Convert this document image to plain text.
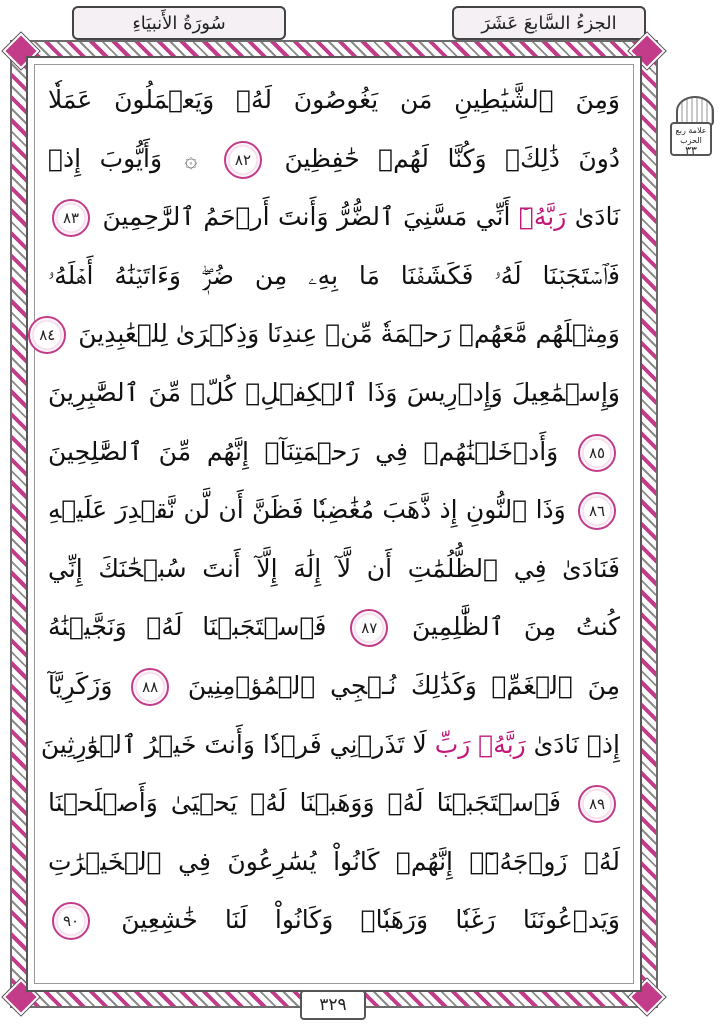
سُورَةُ الأَنبيَاءِ	الجزءُ السَّابعَ عَشَرَ
وَمِنَ ٱلشَّيَٰطِينِ مَن يَغُوصُونَ لَهُۥ وَيَعۡمَلُونَ عَمَلٗا
دُونَ ذَٰلِكَۖ وَكُنَّا لَهُمۡ حَٰفِظِينَ ٨٢ ۞ وَأَيُّوبَ إِذۡ
نَادَىٰ رَبَّهُۥٓ أَنِّي مَسَّنِيَ ٱلضُّرُّ وَأَنتَ أَرۡحَمُ ٱلرَّٰحِمِينَ ٨٣
فَٱسۡتَجَبۡنَا لَهُۥ فَكَشَفۡنَا مَا بِهِۦ مِن ضُرّٖۖ وَءَاتَيۡنَٰهُ أَهۡلَهُۥ
وَمِثۡلَهُم مَّعَهُمۡ رَحۡمَةٗ مِّنۡ عِندِنَا وَذِكۡرَىٰ لِلۡعَٰبِدِينَ ٨٤
وَإِسۡمَٰعِيلَ وَإِدۡرِيسَ وَذَا ٱلۡكِفۡلِۖ كُلّٞ مِّنَ ٱلصَّٰبِرِينَ
٨٥ وَأَدۡخَلۡنَٰهُمۡ فِي رَحۡمَتِنَآۖ إِنَّهُم مِّنَ ٱلصَّٰلِحِينَ
٨٦ وَذَا ٱلنُّونِ إِذ ذَّهَبَ مُغَٰضِبٗا فَظَنَّ أَن لَّن نَّقۡدِرَ عَلَيۡهِ
فَنَادَىٰ فِي ٱلظُّلُمَٰتِ أَن لَّآ إِلَٰهَ إِلَّآ أَنتَ سُبۡحَٰنَكَ إِنِّي
كُنتُ مِنَ ٱلظَّٰلِمِينَ ٨٧ فَٱسۡتَجَبۡنَا لَهُۥ وَنَجَّيۡنَٰهُ
مِنَ ٱلۡغَمِّۚ وَكَذَٰلِكَ نُـۨجِي ٱلۡمُؤۡمِنِينَ ٨٨ وَزَكَرِيَّآ
إِذۡ نَادَىٰ رَبَّهُۥ رَبِّ لَا تَذَرۡنِي فَرۡدٗا وَأَنتَ خَيۡرُ ٱلۡوَٰرِثِينَ
٨٩ فَٱسۡتَجَبۡنَا لَهُۥ وَوَهَبۡنَا لَهُۥ يَحۡيَىٰ وَأَصۡلَحۡنَا
لَهُۥ زَوۡجَهُۥٓۚ إِنَّهُمۡ كَانُواْ يُسَٰرِعُونَ فِي ٱلۡخَيۡرَٰتِ
وَيَدۡعُونَنَا رَغَبٗا وَرَهَبٗاۖ وَكَانُواْ لَنَا خَٰشِعِينَ ٩٠
٣٢٩
علامة ربع
الحزب
٣٣
